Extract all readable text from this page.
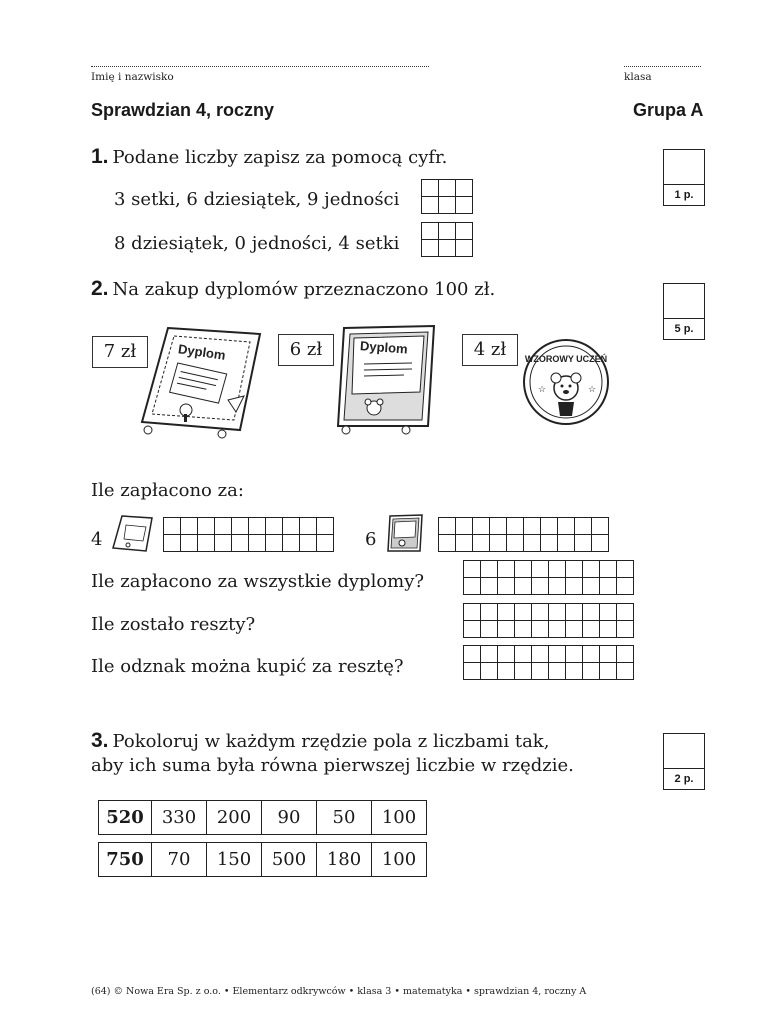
Imię i nazwisko	klasa
Sprawdzian 4, roczny	Grupa A
1. Podane liczby zapisz za pomocą cyfr.
1 p.
3 setki, 6 dziesiątek, 9 jedności

8 dziesiątek, 0 jedności, 4 setki

2. Na zakup dyplomów przeznaczono 100 zł.
5 p.
7 zł	6 zł	4 zł
Dyplom	Dyplom
WZOROWY UCZEŃ
☆	☆
Ile zapłacono za:
4

										6

Ile zapłacono za wszystkie dyplomy?

Ile zostało reszty?

Ile odznak można kupić za resztę?

3. Pokoloruj w każdym rzędzie pola z liczbami tak,
aby ich suma była równa pierwszej liczbie w rzędzie.
2 p.
520	330	200	90	50	100
750	70	150	500	180	100
(64) © Nowa Era Sp. z o.o. • Elementarz odkrywców • klasa 3 • matematyka • sprawdzian 4, roczny A
